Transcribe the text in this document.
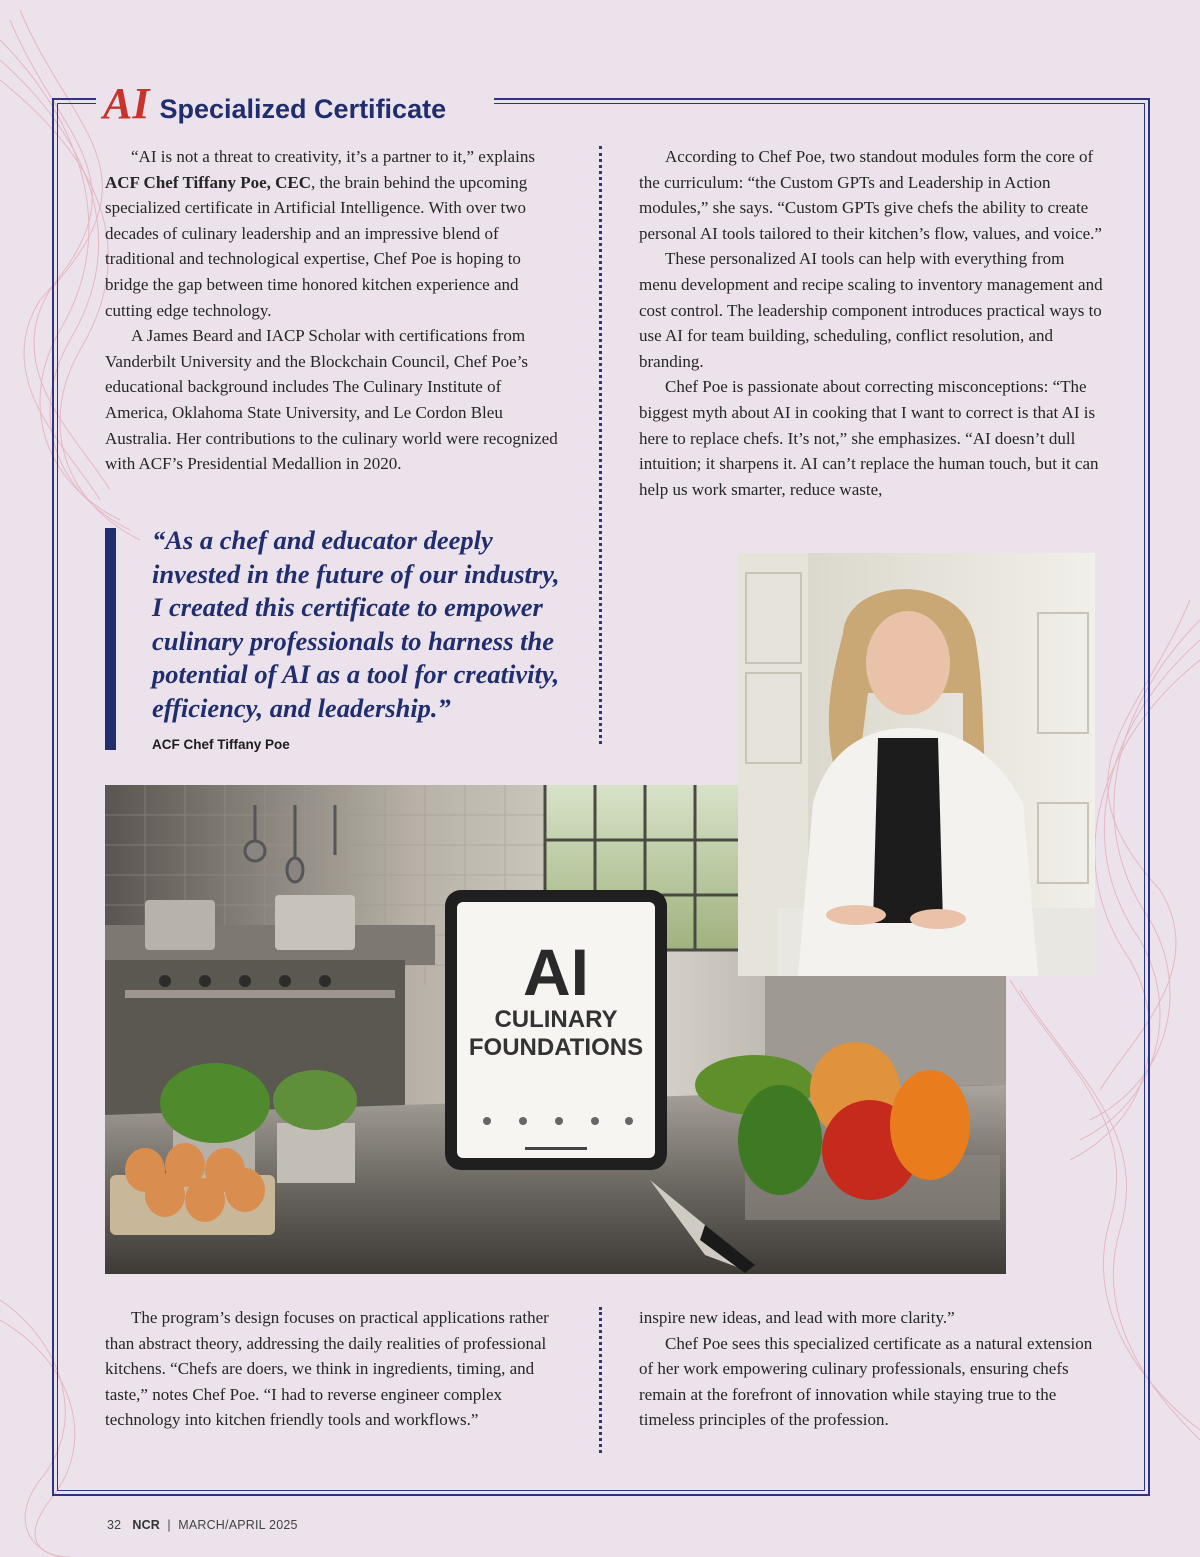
AI Specialized Certificate

“AI is not a threat to creativity, it’s a partner to it,” explains ACF Chef Tiffany Poe, CEC, the brain behind the upcoming specialized certificate in Artificial Intelligence. With over two decades of culinary leadership and an impressive blend of traditional and technological expertise, Chef Poe is hoping to bridge the gap between time honored kitchen experience and cutting edge technology.

A James Beard and IACP Scholar with certifications from Vanderbilt University and the Blockchain Council, Chef Poe’s educational background includes The Culinary Institute of America, Oklahoma State University, and Le Cordon Bleu Australia. Her contributions to the culinary world were recognized with ACF’s Presidential Medallion in 2020.

According to Chef Poe, two standout modules form the core of the curriculum: “the Custom GPTs and Leadership in Action modules,” she says. “Custom GPTs give chefs the ability to create personal AI tools tailored to their kitchen’s flow, values, and voice.”

These personalized AI tools can help with everything from menu development and recipe scaling to inventory management and cost control. The leadership component introduces practical ways to use AI for team building, scheduling, conflict resolution, and branding.

Chef Poe is passionate about correcting misconceptions: “The biggest myth about AI in cooking that I want to correct is that AI is here to replace chefs. It’s not,” she emphasizes. “AI doesn’t dull intuition; it sharpens it. AI can’t replace the human touch, but it can help us work smarter, reduce waste,

“As a chef and educator deeply invested in the future of our industry, I created this certificate to empower culinary professionals to harness the potential of AI as a tool for creativity, efficiency, and leadership.”
ACF Chef Tiffany Poe
AI
CULINARY
FOUNDATIONS

The program’s design focuses on practical applications rather than abstract theory, addressing the daily realities of professional kitchens. “Chefs are doers, we think in ingredients, timing, and taste,” notes Chef Poe. “I had to reverse engineer complex technology into kitchen friendly tools and workflows.”

inspire new ideas, and lead with more clarity.”

Chef Poe sees this specialized certificate as a natural extension of her work empowering culinary professionals, ensuring chefs remain at the forefront of innovation while staying true to the timeless principles of the profession.

32 NCR | MARCH/APRIL 2025
